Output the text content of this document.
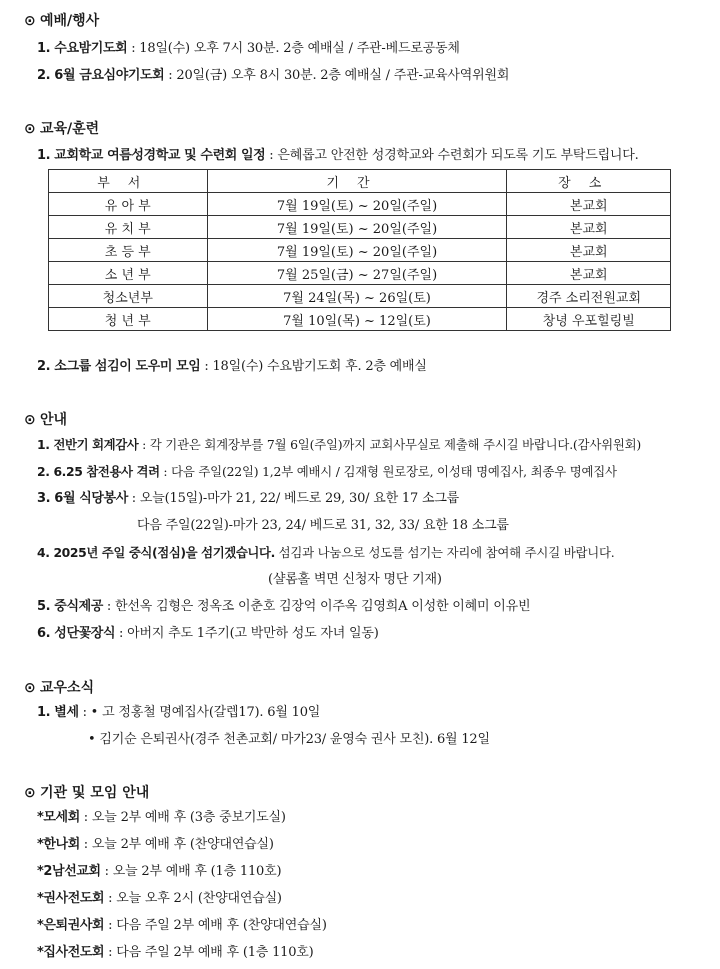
⊙ 예배/행사
1. 수요밤기도회 : 18일(수) 오후 7시 30분. 2층 예배실 / 주관-베드로공동체
2. 6월 금요심야기도회 : 20일(금) 오후 8시 30분. 2층 예배실 / 주관-교육사역위원회
⊙ 교육/훈련
1. 교회학교 여름성경학교 및 수련회 일정 : 은혜롭고 안전한 성경학교와 수련회가 되도록 기도 부탁드립니다.
부서	기간	장소
유 아 부	7월 19일(토) ~ 20일(주일)	본교회
유 치 부	7월 19일(토) ~ 20일(주일)	본교회
초 등 부	7월 19일(토) ~ 20일(주일)	본교회
소 년 부	7월 25일(금) ~ 27일(주일)	본교회
청소년부	7월 24일(목) ~ 26일(토)	경주 소리전원교회
청 년 부	7월 10일(목) ~ 12일(토)	창녕 우포힐링빌
2. 소그룹 섬김이 도우미 모임 : 18일(수) 수요밤기도회 후. 2층 예배실
⊙ 안내
1. 전반기 회계감사 : 각 기관은 회계장부를 7월 6일(주일)까지 교회사무실로 제출해 주시길 바랍니다.(감사위원회)
2. 6.25 참전용사 격려 : 다음 주일(22일) 1,2부 예배시 / 김재형 원로장로, 이성태 명예집사, 최종우 명예집사
3. 6월 식당봉사 : 오늘(15일)-마가 21, 22/ 베드로 29, 30/ 요한 17 소그룹
다음 주일(22일)-마가 23, 24/ 베드로 31, 32, 33/ 요한 18 소그룹
4. 2025년 주일 중식(점심)을 섬기겠습니다. 섬김과 나눔으로 성도를 섬기는 자리에 참여해 주시길 바랍니다.
(샬롬홀 벽면 신청자 명단 기재)
5. 중식제공 : 한선옥 김형은 정옥조 이춘호 김장억 이주옥 김영희A 이성한 이혜미 이유빈
6. 성단꽃장식 : 아버지 추도 1주기(고 박만하 성도 자녀 일동)
⊙ 교우소식
1. 별세 : • 고 정홍철 명예집사(갈렙17). 6월 10일
• 김기순 은퇴권사(경주 천촌교회/ 마가23/ 윤영숙 권사 모친). 6월 12일
⊙ 기관 및 모임 안내
*모세회 : 오늘 2부 예배 후 (3층 중보기도실)
*한나회 : 오늘 2부 예배 후 (찬양대연습실)
*2남선교회 : 오늘 2부 예배 후 (1층 110호)
*권사전도회 : 오늘 오후 2시 (찬양대연습실)
*은퇴권사회 : 다음 주일 2부 예배 후 (찬양대연습실)
*집사전도회 : 다음 주일 2부 예배 후 (1층 110호)
